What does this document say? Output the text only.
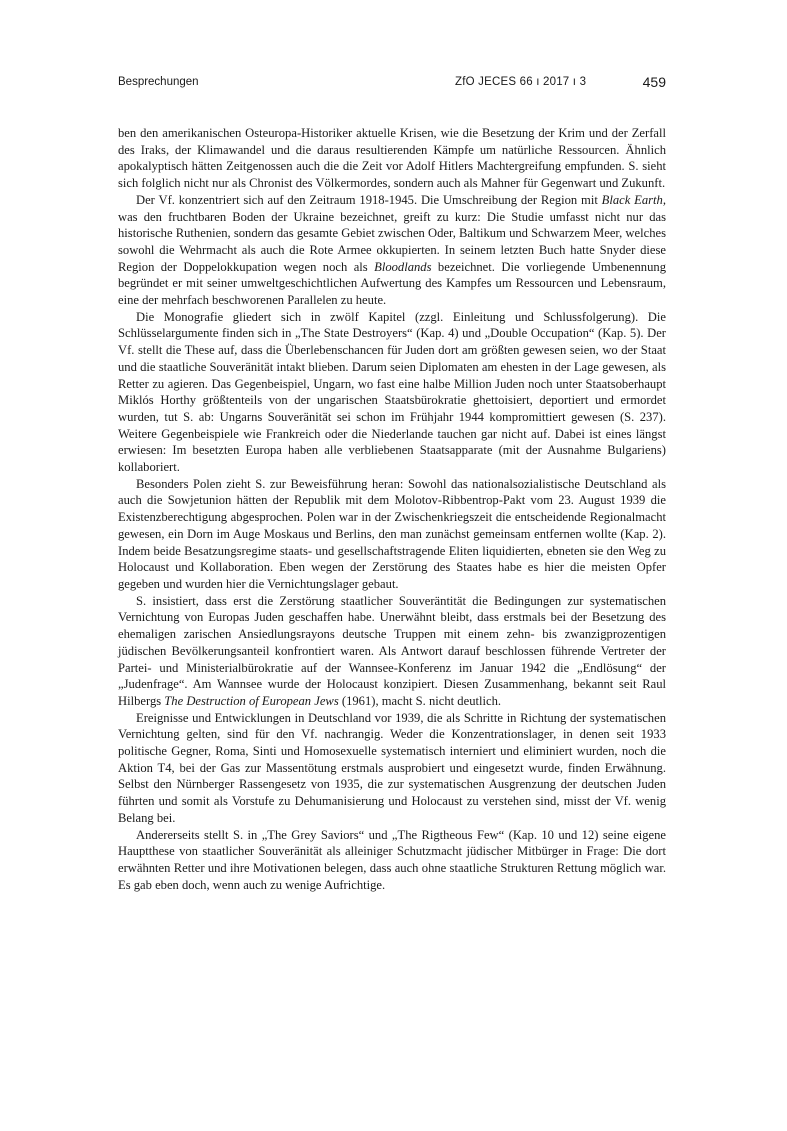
Besprechungen	ZfO JECES 66 ı 2017 ı 3	459

ben den amerikanischen Osteuropa-Historiker aktuelle Krisen, wie die Besetzung der Krim und der Zerfall des Iraks, der Klimawandel und die daraus resultierenden Kämpfe um natürliche Ressourcen. Ähnlich apokalyptisch hätten Zeitgenossen auch die die Zeit vor Adolf Hitlers Machtergreifung empfunden. S. sieht sich folglich nicht nur als Chronist des Völkermordes, sondern auch als Mahner für Gegenwart und Zukunft.

Der Vf. konzentriert sich auf den Zeitraum 1918-1945. Die Umschreibung der Region mit Black Earth, was den fruchtbaren Boden der Ukraine bezeichnet, greift zu kurz: Die Studie umfasst nicht nur das historische Ruthenien, sondern das gesamte Gebiet zwischen Oder, Baltikum und Schwarzem Meer, welches sowohl die Wehrmacht als auch die Rote Armee okkupierten. In seinem letzten Buch hatte Snyder diese Region der Doppelokkupation wegen noch als Bloodlands bezeichnet. Die vorliegende Umbenennung begründet er mit seiner umweltgeschichtlichen Aufwertung des Kampfes um Ressourcen und Lebensraum, eine der mehrfach beschworenen Parallelen zu heute.

Die Monografie gliedert sich in zwölf Kapitel (zzgl. Einleitung und Schlussfolgerung). Die Schlüsselargumente finden sich in „The State Destroyers“ (Kap. 4) und „Double Occupation“ (Kap. 5). Der Vf. stellt die These auf, dass die Überlebenschancen für Juden dort am größten gewesen seien, wo der Staat und die staatliche Souveränität intakt blieben. Darum seien Diplomaten am ehesten in der Lage gewesen, als Retter zu agieren. Das Gegenbeispiel, Ungarn, wo fast eine halbe Million Juden noch unter Staatsoberhaupt Miklós Horthy größtenteils von der ungarischen Staatsbürokratie ghettoisiert, deportiert und ermordet wurden, tut S. ab: Ungarns Souveränität sei schon im Frühjahr 1944 kompromittiert gewesen (S. 237). Weitere Gegenbeispiele wie Frankreich oder die Niederlande tauchen gar nicht auf. Dabei ist eines längst erwiesen: Im besetzten Europa haben alle verbliebenen Staatsapparate (mit der Ausnahme Bulgariens) kollaboriert.

Besonders Polen zieht S. zur Beweisführung heran: Sowohl das nationalsozialistische Deutschland als auch die Sowjetunion hätten der Republik mit dem Molotov-Ribbentrop-Pakt vom 23. August 1939 die Existenzberechtigung abgesprochen. Polen war in der Zwischenkriegszeit die entscheidende Regionalmacht gewesen, ein Dorn im Auge Moskaus und Berlins, den man zunächst gemeinsam entfernen wollte (Kap. 2). Indem beide Besatzungsregime staats- und gesellschaftstragende Eliten liquidierten, ebneten sie den Weg zu Holocaust und Kollaboration. Eben wegen der Zerstörung des Staates habe es hier die meisten Opfer gegeben und wurden hier die Vernichtungslager gebaut.

S. insistiert, dass erst die Zerstörung staatlicher Souveräntität die Bedingungen zur systematischen Vernichtung von Europas Juden geschaffen habe. Unerwähnt bleibt, dass erstmals bei der Besetzung des ehemaligen zarischen Ansiedlungsrayons deutsche Truppen mit einem zehn- bis zwanzigprozentigen jüdischen Bevölkerungsanteil konfrontiert waren. Als Antwort darauf beschlossen führende Vertreter der Partei- und Ministerialbürokratie auf der Wannsee-Konferenz im Januar 1942 die „Endlösung“ der „Judenfrage“. Am Wannsee wurde der Holocaust konzipiert. Diesen Zusammenhang, bekannt seit Raul Hilbergs The Destruction of European Jews (1961), macht S. nicht deutlich.

Ereignisse und Entwicklungen in Deutschland vor 1939, die als Schritte in Richtung der systematischen Vernichtung gelten, sind für den Vf. nachrangig. Weder die Konzentrationslager, in denen seit 1933 politische Gegner, Roma, Sinti und Homosexuelle systematisch interniert und eliminiert wurden, noch die Aktion T4, bei der Gas zur Massentötung erstmals ausprobiert und eingesetzt wurde, finden Erwähnung. Selbst den Nürnberger Rassengesetz von 1935, die zur systematischen Ausgrenzung der deutschen Juden führten und somit als Vorstufe zu Dehumanisierung und Holocaust zu verstehen sind, misst der Vf. wenig Belang bei.

Andererseits stellt S. in „The Grey Saviors“ und „The Rigtheous Few“ (Kap. 10 und 12) seine eigene Hauptthese von staatlicher Souveränität als alleiniger Schutzmacht jüdischer Mitbürger in Frage: Die dort erwähnten Retter und ihre Motivationen belegen, dass auch ohne staatliche Strukturen Rettung möglich war. Es gab eben doch, wenn auch zu wenige Aufrichtige.
